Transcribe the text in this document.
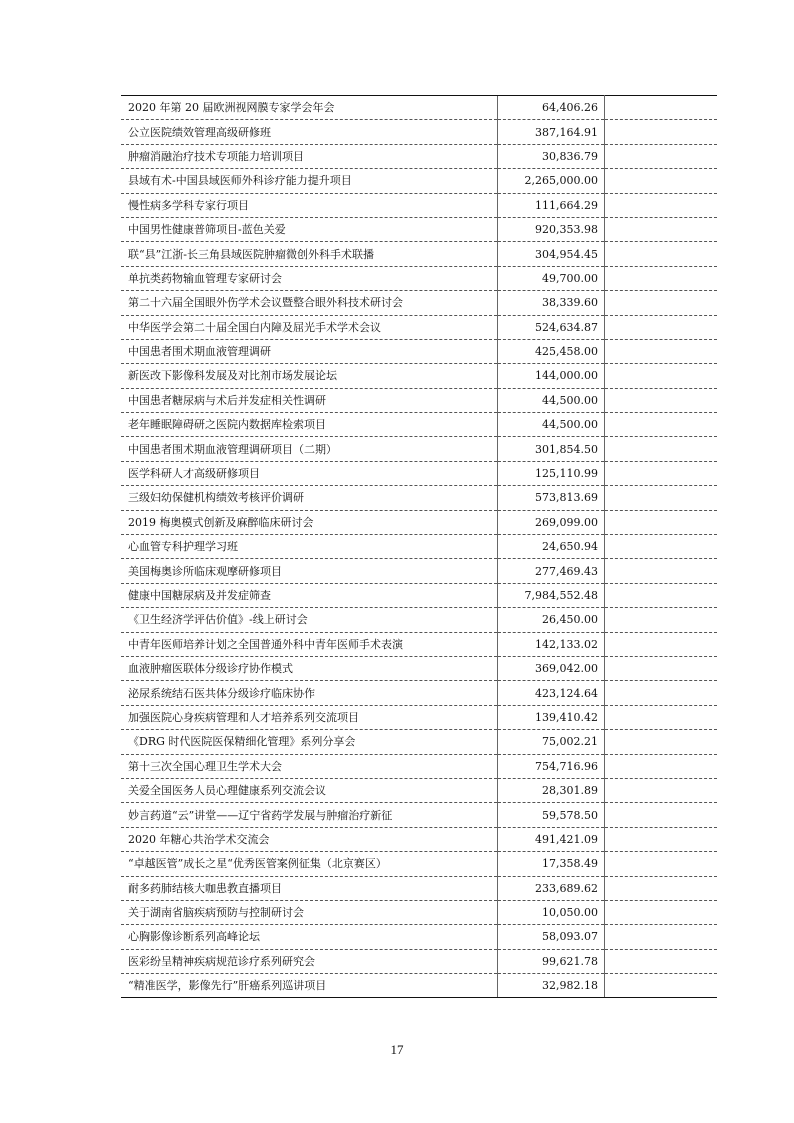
2020 年第 20 届欧洲视网膜专家学会年会	64,406.26	
公立医院绩效管理高级研修班	387,164.91	
肿瘤消融治疗技术专项能力培训项目	30,836.79	
县域有术-中国县域医师外科诊疗能力提升项目	2,265,000.00	
慢性病多学科专家行项目	111,664.29	
中国男性健康普筛项目-蓝色关爱	920,353.98	
联“县”江浙-长三角县域医院肿瘤微创外科手术联播	304,954.45	
单抗类药物输血管理专家研讨会	49,700.00	
第二十六届全国眼外伤学术会议暨整合眼外科技术研讨会	38,339.60	
中华医学会第二十届全国白内障及屈光手术学术会议	524,634.87	
中国患者围术期血液管理调研	425,458.00	
新医改下影像科发展及对比剂市场发展论坛	144,000.00	
中国患者糖尿病与术后并发症相关性调研	44,500.00	
老年睡眠障碍研之医院内数据库检索项目	44,500.00	
中国患者围术期血液管理调研项目（二期）	301,854.50	
医学科研人才高级研修项目	125,110.99	
三级妇幼保健机构绩效考核评价调研	573,813.69	
2019 梅奥模式创新及麻醉临床研讨会	269,099.00	
心血管专科护理学习班	24,650.94	
美国梅奥诊所临床观摩研修项目	277,469.43	
健康中国糖尿病及并发症筛查	7,984,552.48	
《卫生经济学评估价值》-线上研讨会	26,450.00	
中青年医师培养计划之全国普通外科中青年医师手术表演	142,133.02	
血液肿瘤医联体分级诊疗协作模式	369,042.00	
泌尿系统结石医共体分级诊疗临床协作	423,124.64	
加强医院心身疾病管理和人才培养系列交流项目	139,410.42	
《DRG 时代医院医保精细化管理》系列分享会	75,002.21	
第十三次全国心理卫生学术大会	754,716.96	
关爱全国医务人员心理健康系列交流会议	28,301.89	
妙言药道“云”讲堂——辽宁省药学发展与肿瘤治疗新征	59,578.50	
2020 年糖心共治学术交流会	491,421.09	
“卓越医管”成长之星“优秀医管案例征集（北京赛区）	17,358.49	
耐多药肺结核大咖患教直播项目	233,689.62	
关于湖南省脑疾病预防与控制研讨会	10,050.00	
心胸影像诊断系列高峰论坛	58,093.07	
医彩纷呈精神疾病规范诊疗系列研究会	99,621.78	
“精准医学，影像先行”肝癌系列巡讲项目	32,982.18	
17
